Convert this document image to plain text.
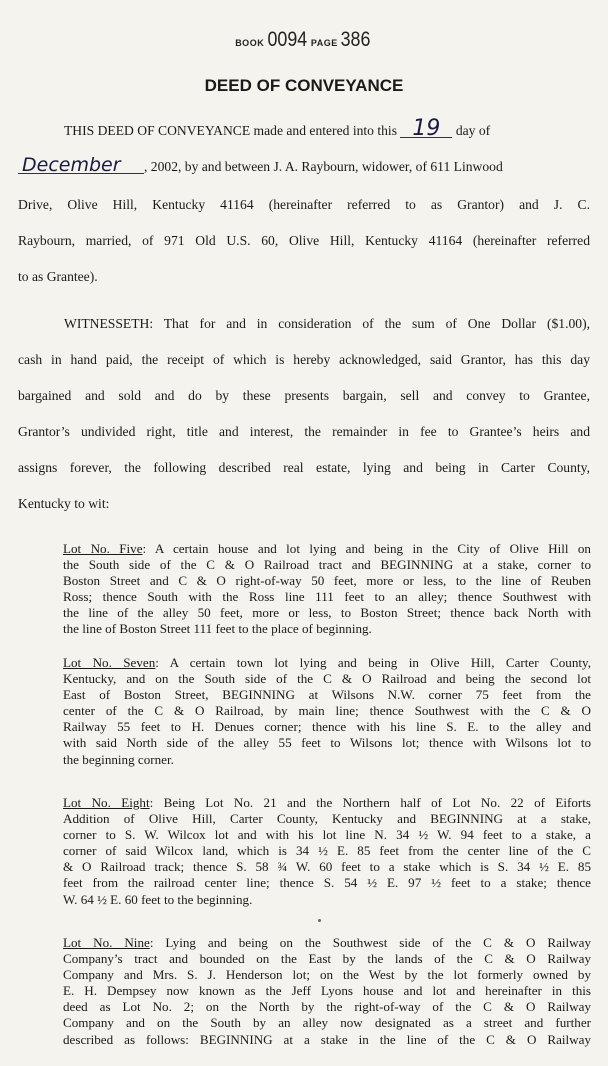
BOOK 0094 PAGE 386
DEED OF CONVEYANCE
THIS DEED OF CONVEYANCE made and entered into this 19 day of
December , 2002, by and between J. A. Raybourn, widower, of 611 Linwood
Drive, Olive Hill, Kentucky 41164 (hereinafter referred to as Grantor) and J. C.
Raybourn, married, of 971 Old U.S. 60, Olive Hill, Kentucky 41164 (hereinafter referred
to as Grantee).
WITNESSETH: That for and in consideration of the sum of One Dollar ($1.00),
cash in hand paid, the receipt of which is hereby acknowledged, said Grantor, has this day
bargained and sold and do by these presents bargain, sell and convey to Grantee,
Grantor’s undivided right, title and interest, the remainder in fee to Grantee’s heirs and
assigns forever, the following described real estate, lying and being in Carter County,
Kentucky to wit:
Lot No. Five: A certain house and lot lying and being in the City of Olive Hill on
the South side of the C & O Railroad tract and BEGINNING at a stake, corner to
Boston Street and C & O right-of-way 50 feet, more or less, to the line of Reuben
Ross; thence South with the Ross line 111 feet to an alley; thence Southwest with
the line of the alley 50 feet, more or less, to Boston Street; thence back North with
the line of Boston Street 111 feet to the place of beginning.
Lot No. Seven: A certain town lot lying and being in Olive Hill, Carter County,
Kentucky, and on the South side of the C & O Railroad and being the second lot
East of Boston Street, BEGINNING at Wilsons N.W. corner 75 feet from the
center of the C & O Railroad, by main line; thence Southwest with the C & O
Railway 55 feet to H. Denues corner; thence with his line S. E. to the alley and
with said North side of the alley 55 feet to Wilsons lot; thence with Wilsons lot to
the beginning corner.
Lot No. Eight: Being Lot No. 21 and the Northern half of Lot No. 22 of Eiforts
Addition of Olive Hill, Carter County, Kentucky and BEGINNING at a stake,
corner to S. W. Wilcox lot and with his lot line N. 34 ½ W. 94 feet to a stake, a
corner of said Wilcox land, which is 34 ½ E. 85 feet from the center line of the C
& O Railroad track; thence S. 58 ¾ W. 60 feet to a stake which is S. 34 ½ E. 85
feet from the railroad center line; thence S. 54 ½ E. 97 ½ feet to a stake; thence
W. 64 ½ E. 60 feet to the beginning.
Lot No. Nine: Lying and being on the Southwest side of the C & O Railway
Company’s tract and bounded on the East by the lands of the C & O Railway
Company and Mrs. S. J. Henderson lot; on the West by the lot formerly owned by
E. H. Dempsey now known as the Jeff Lyons house and lot and hereinafter in this
deed as Lot No. 2; on the North by the right-of-way of the C & O Railway
Company and on the South by an alley now designated as a street and further
described as follows: BEGINNING at a stake in the line of the C & O Railway
